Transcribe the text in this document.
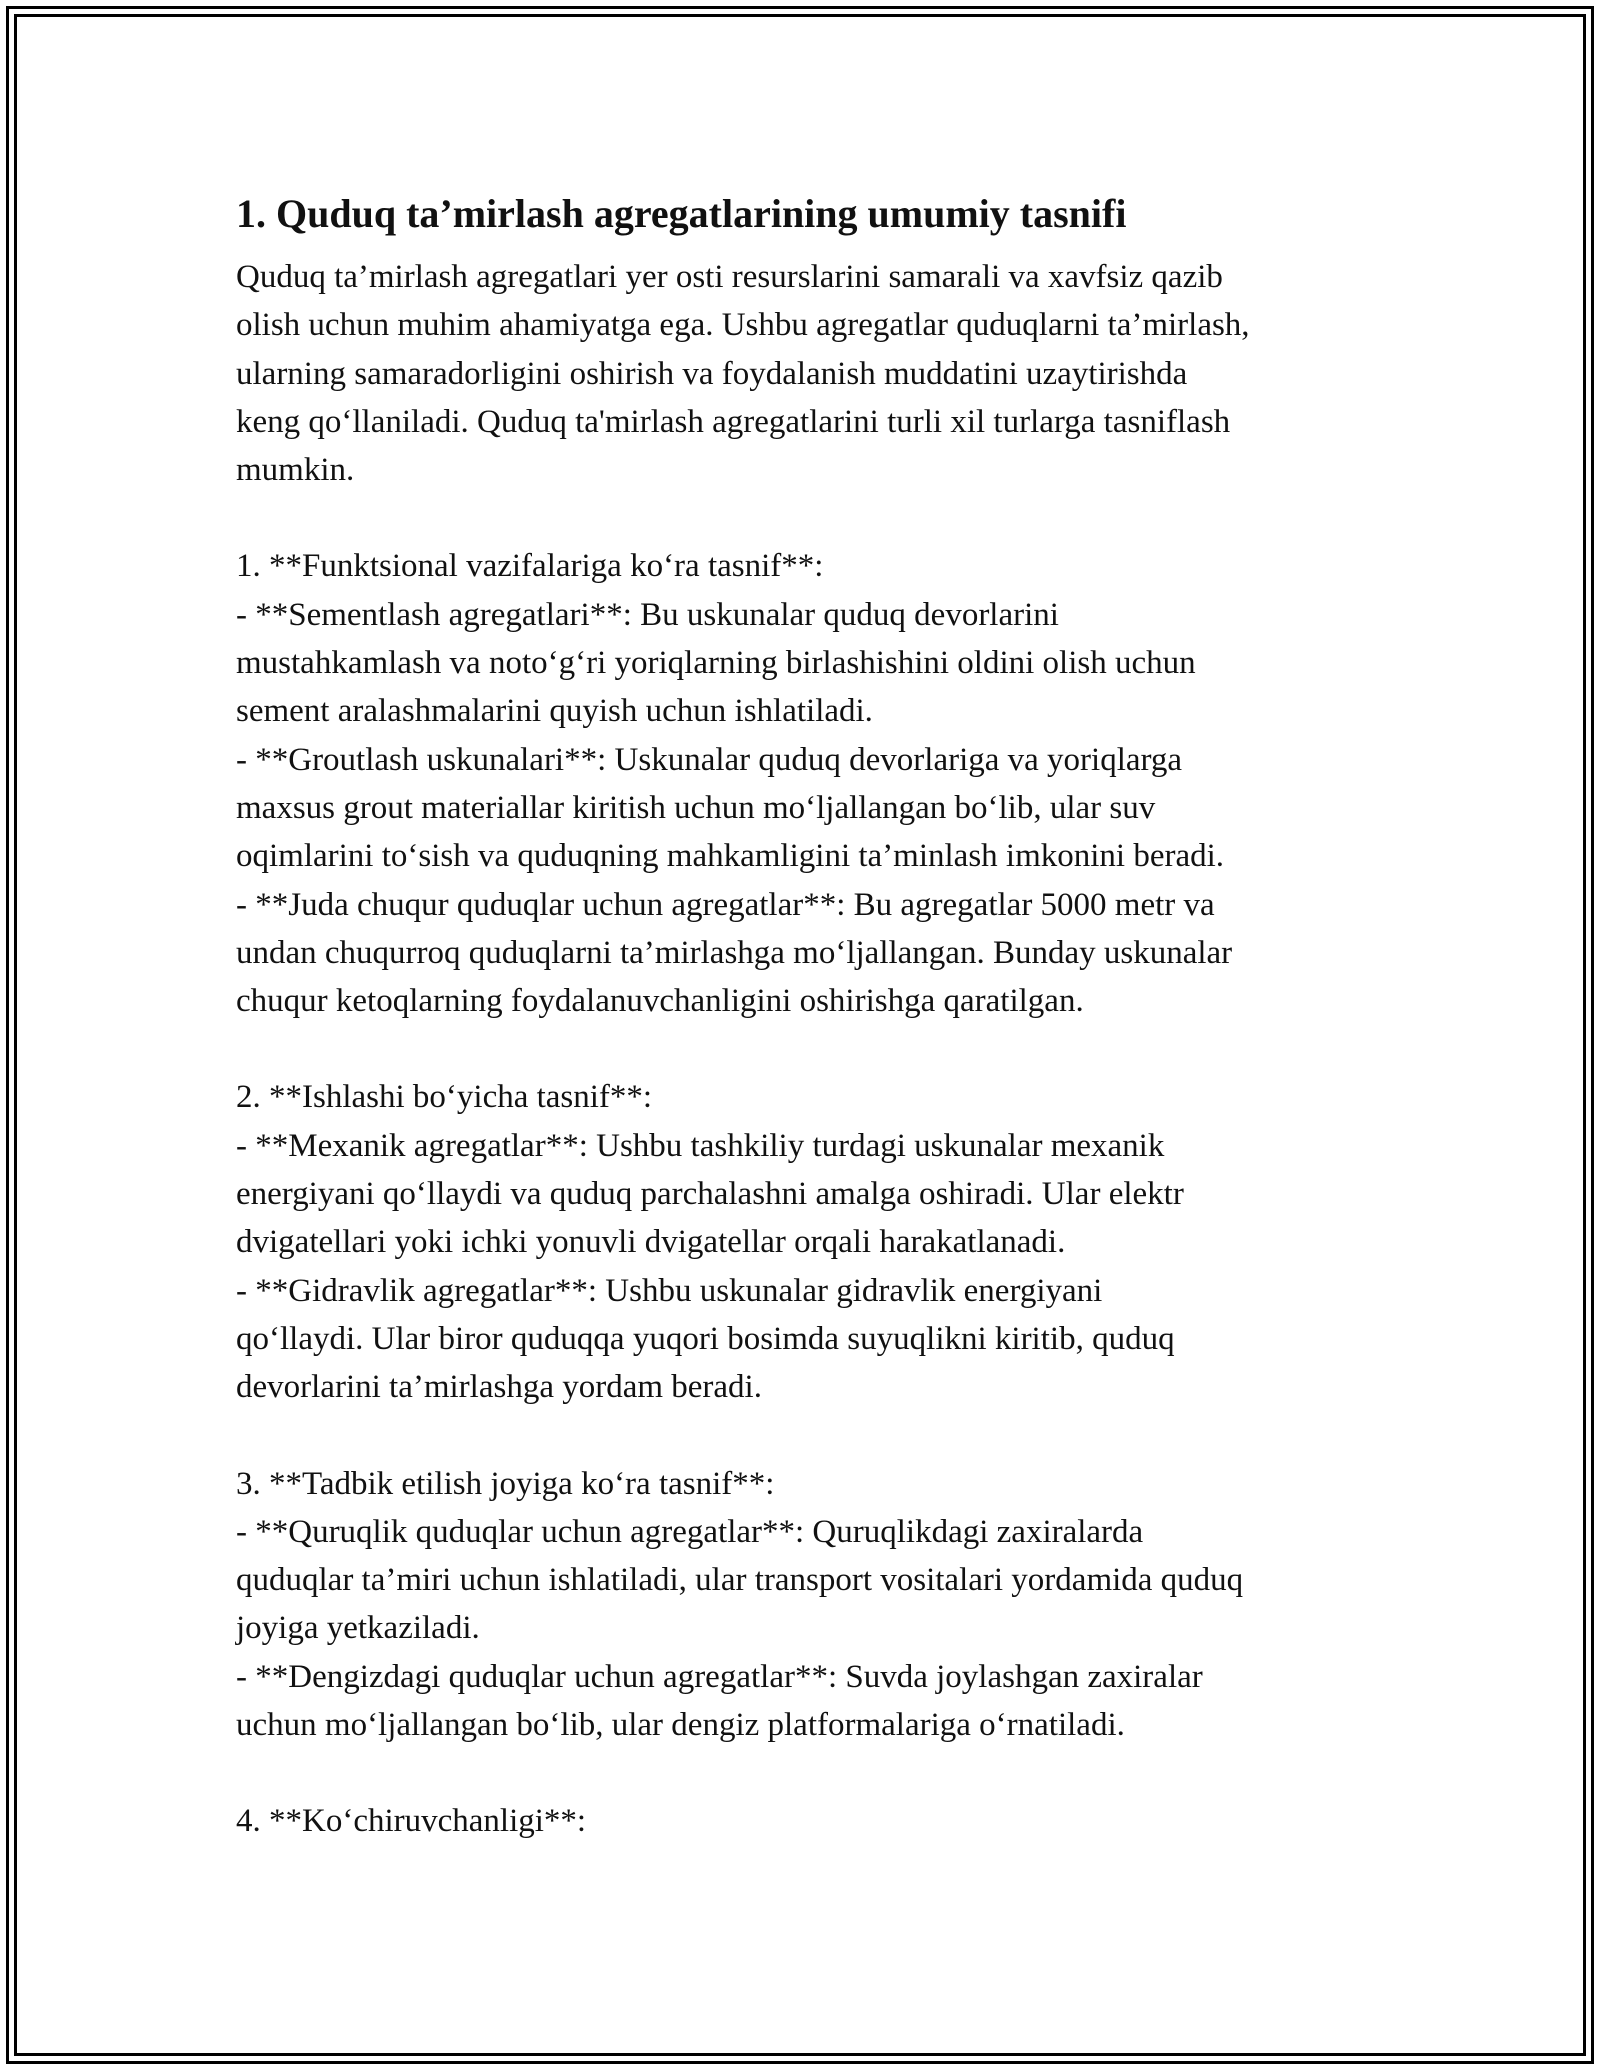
1. Quduq ta’mirlash agregatlarining umumiy tasnifi

Quduq ta’mirlash agregatlari yer osti resurslarini samarali va xavfsiz qazib
olish uchun muhim ahamiyatga ega. Ushbu agregatlar quduqlarni ta’mirlash,
ularning samaradorligini oshirish va foydalanish muddatini uzaytirishda
keng qo‘llaniladi. Quduq ta'mirlash agregatlarini turli xil turlarga tasniflash
mumkin.

1. **Funktsional vazifalariga ko‘ra tasnif**:
- **Sementlash agregatlari**: Bu uskunalar quduq devorlarini
mustahkamlash va noto‘g‘ri yoriqlarning birlashishini oldini olish uchun
sement aralashmalarini quyish uchun ishlatiladi.
- **Groutlash uskunalari**: Uskunalar quduq devorlariga va yoriqlarga
maxsus grout materiallar kiritish uchun mo‘ljallangan bo‘lib, ular suv
oqimlarini to‘sish va quduqning mahkamligini ta’minlash imkonini beradi.
- **Juda chuqur quduqlar uchun agregatlar**: Bu agregatlar 5000 metr va
undan chuqurroq quduqlarni ta’mirlashga mo‘ljallangan. Bunday uskunalar
chuqur ketoqlarning foydalanuvchanligini oshirishga qaratilgan.

2. **Ishlashi bo‘yicha tasnif**:
- **Mexanik agregatlar**: Ushbu tashkiliy turdagi uskunalar mexanik
energiyani qo‘llaydi va quduq parchalashni amalga oshiradi. Ular elektr
dvigatellari yoki ichki yonuvli dvigatellar orqali harakatlanadi.
- **Gidravlik agregatlar**: Ushbu uskunalar gidravlik energiyani
qo‘llaydi. Ular biror quduqqa yuqori bosimda suyuqlikni kiritib, quduq
devorlarini ta’mirlashga yordam beradi.

3. **Tadbik etilish joyiga ko‘ra tasnif**:
- **Quruqlik quduqlar uchun agregatlar**: Quruqlikdagi zaxiralarda
quduqlar ta’miri uchun ishlatiladi, ular transport vositalari yordamida quduq
joyiga yetkaziladi.
- **Dengizdagi quduqlar uchun agregatlar**: Suvda joylashgan zaxiralar
uchun mo‘ljallangan bo‘lib, ular dengiz platformalariga o‘rnatiladi.

4. **Ko‘chiruvchanligi**:
